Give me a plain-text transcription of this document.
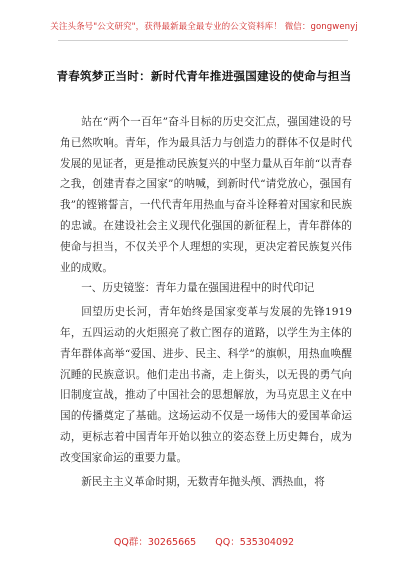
关注头条号"公文研究"，获得最新最全最专业的公文资料库！ 微信：gongwenyj
青春筑梦正当时：新时代青年推进强国建设的使命与担当

站在“两个一百年”奋斗目标的历史交汇点，强国建设的号角已然吹响。青年，作为最具活力与创造力的群体不仅是时代发展的见证者，更是推动民族复兴的中坚力量从百年前“以青春之我，创建青春之国家”的呐喊，到新时代“请党放心，强国有我”的铿锵誓言，一代代青年用热血与奋斗诠释着对国家和民族的忠诚。在建设社会主义现代化强国的新征程上，青年群体的使命与担当，不仅关乎个人理想的实现，更决定着民族复兴伟业的成败。

一、历史镜鉴：青年力量在强国进程中的时代印记

回望历史长河，青年始终是国家变革与发展的先锋1919年，五四运动的火炬照亮了救亡图存的道路，以学生为主体的青年群体高举“爱国、进步、民主、科学”的旗帜，用热血唤醒沉睡的民族意识。他们走出书斋，走上街头，以无畏的勇气向旧制度宣战，推动了中国社会的思想解放，为马克思主义在中国的传播奠定了基础。这场运动不仅是一场伟大的爱国革命运动，更标志着中国青年开始以独立的姿态登上历史舞台，成为改变国家命运的重要力量。

新民主主义革命时期，无数青年抛头颅、洒热血，将

QQ群：30265665 QQ：535304092
